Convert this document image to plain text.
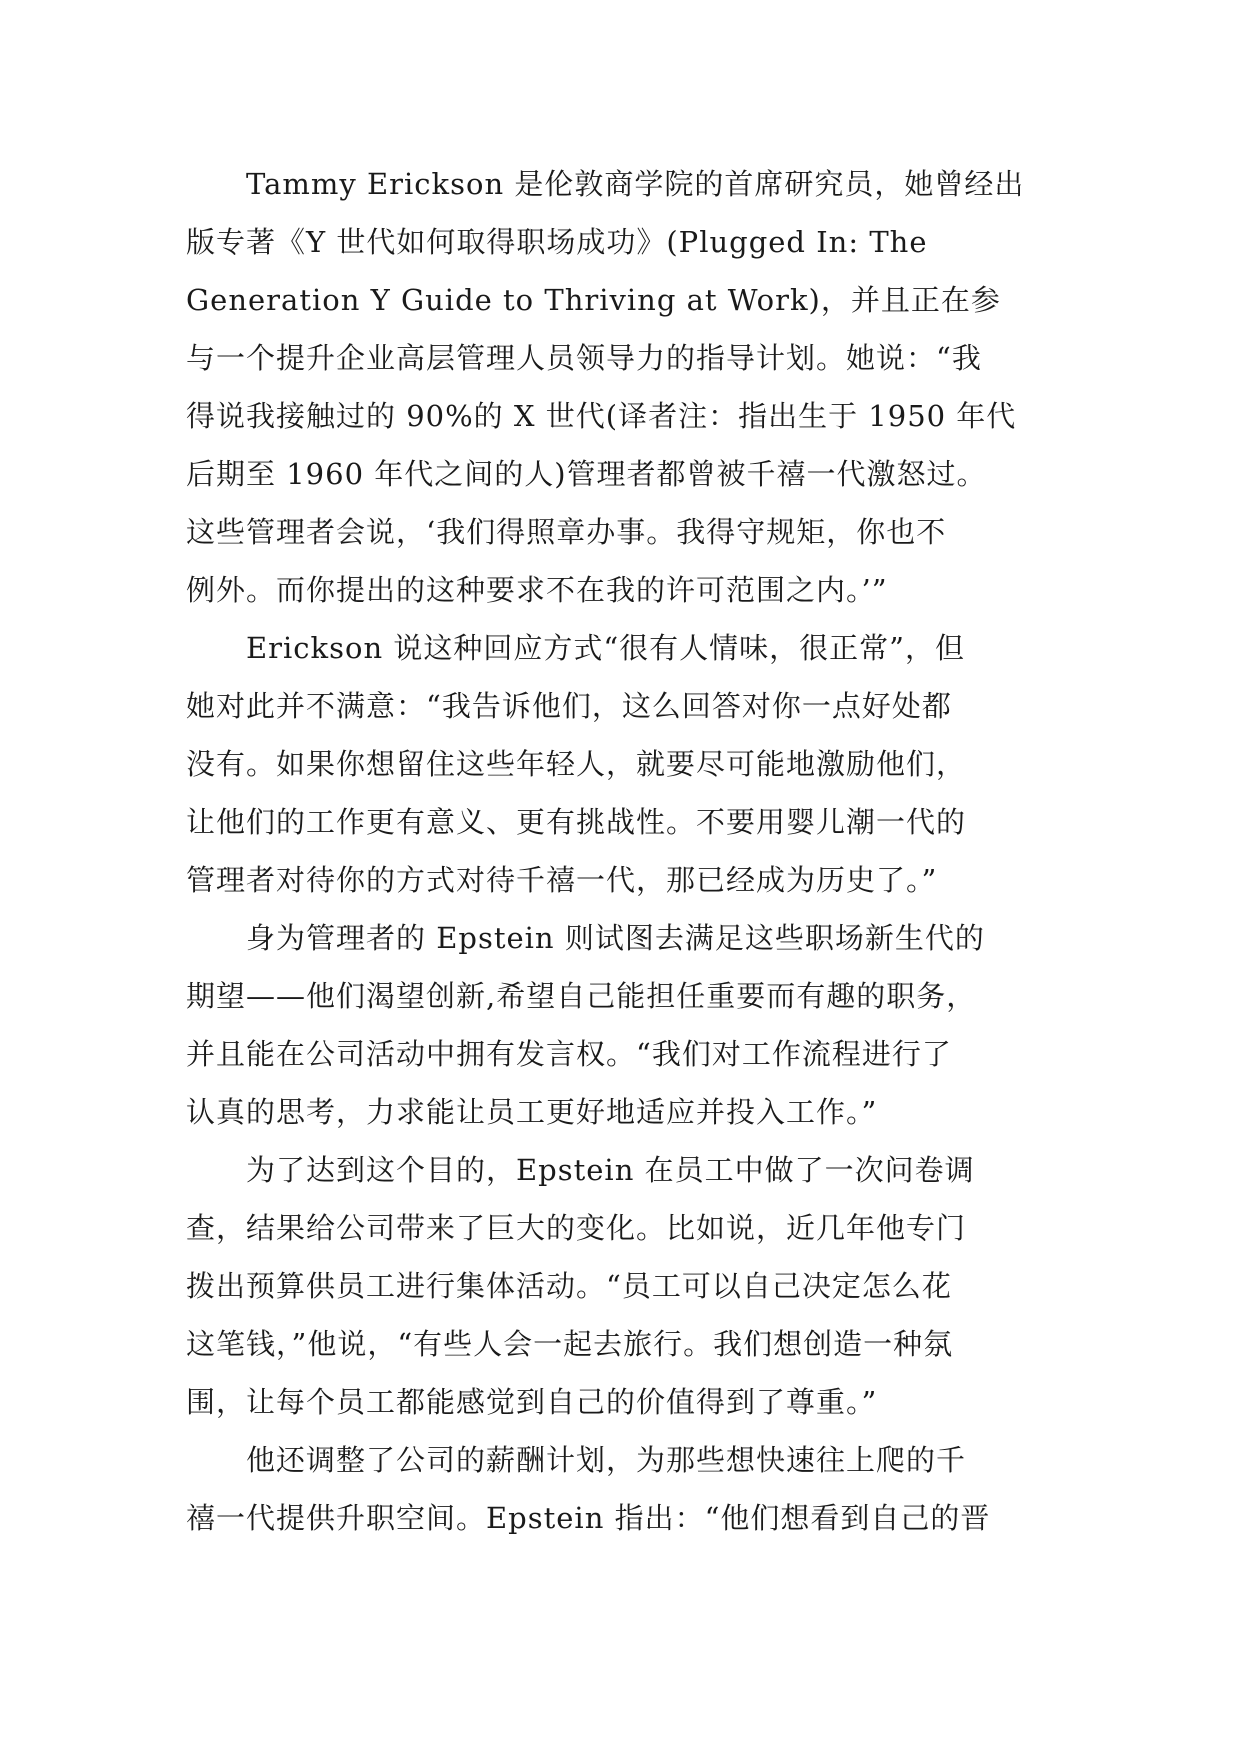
　　Tammy Erickson 是伦敦商学院的首席研究员，她曾经出
版专著《Y 世代如何取得职场成功》(Plugged In: The
Generation Y Guide to Thriving at Work)，并且正在参
与一个提升企业高层管理人员领导力的指导计划。她说：“我
得说我接触过的 90%的 X 世代(译者注：指出生于 1950 年代
后期至 1960 年代之间的人)管理者都曾被千禧一代激怒过。
这些管理者会说，‘我们得照章办事。我得守规矩，你也不
例外。而你提出的这种要求不在我的许可范围之内。’”
　　Erickson 说这种回应方式“很有人情味，很正常”，但
她对此并不满意：“我告诉他们，这么回答对你一点好处都
没有。如果你想留住这些年轻人，就要尽可能地激励他们，
让他们的工作更有意义、更有挑战性。不要用婴儿潮一代的
管理者对待你的方式对待千禧一代，那已经成为历史了。”
　　身为管理者的 Epstein 则试图去满足这些职场新生代的
期望——他们渴望创新,希望自己能担任重要而有趣的职务，
并且能在公司活动中拥有发言权。“我们对工作流程进行了
认真的思考，力求能让员工更好地适应并投入工作。”
　　为了达到这个目的，Epstein 在员工中做了一次问卷调
查，结果给公司带来了巨大的变化。比如说，近几年他专门
拨出预算供员工进行集体活动。“员工可以自己决定怎么花
这笔钱，”他说，“有些人会一起去旅行。我们想创造一种氛
围，让每个员工都能感觉到自己的价值得到了尊重。”
　　他还调整了公司的薪酬计划，为那些想快速往上爬的千
禧一代提供升职空间。Epstein 指出：“他们想看到自己的晋
